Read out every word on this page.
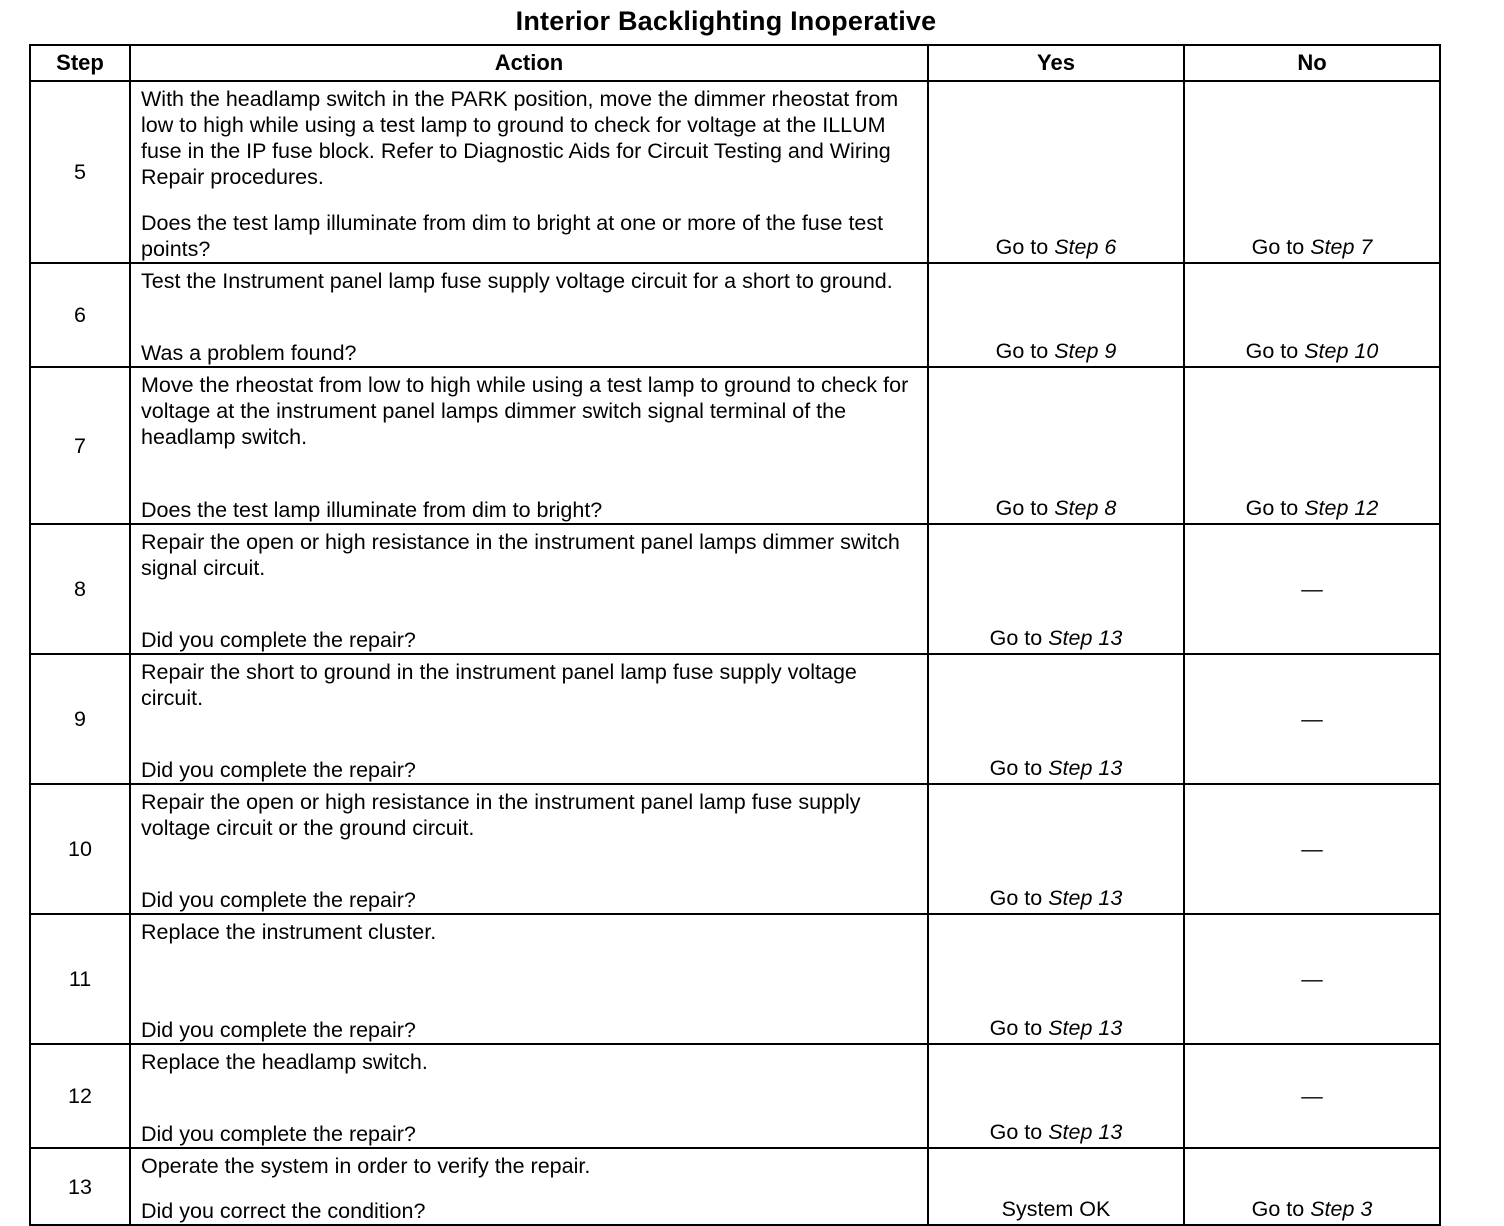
Interior Backlighting Inoperative
Step	Action	Yes	No
5	With the headlamp switch in the PARK position, move the dimmer rheostat from low to high while using a test lamp to ground to check for voltage at the ILLUM fuse in the IP fuse block. Refer to Diagnostic Aids for Circuit Testing and Wiring Repair procedures.

Does the test lamp illuminate from dim to bright at one or more of the fuse test points?	Go to Step 6	Go to Step 7
6	Test the Instrument panel lamp fuse supply voltage circuit for a short to ground.

Was a problem found?	Go to Step 9	Go to Step 10
7	Move the rheostat from low to high while using a test lamp to ground to check for voltage at the instrument panel lamps dimmer switch signal terminal of the headlamp switch.

Does the test lamp illuminate from dim to bright?	Go to Step 8	Go to Step 12
8	Repair the open or high resistance in the instrument panel lamps dimmer switch signal circuit.

Did you complete the repair?	Go to Step 13	—
9	Repair the short to ground in the instrument panel lamp fuse supply voltage circuit.

Did you complete the repair?	Go to Step 13	—
10	Repair the open or high resistance in the instrument panel lamp fuse supply voltage circuit or the ground circuit.

Did you complete the repair?	Go to Step 13	—
11	Replace the instrument cluster.

Did you complete the repair?	Go to Step 13	—
12	Replace the headlamp switch.

Did you complete the repair?	Go to Step 13	—
13	Operate the system in order to verify the repair.

Did you correct the condition?	System OK	Go to Step 3
